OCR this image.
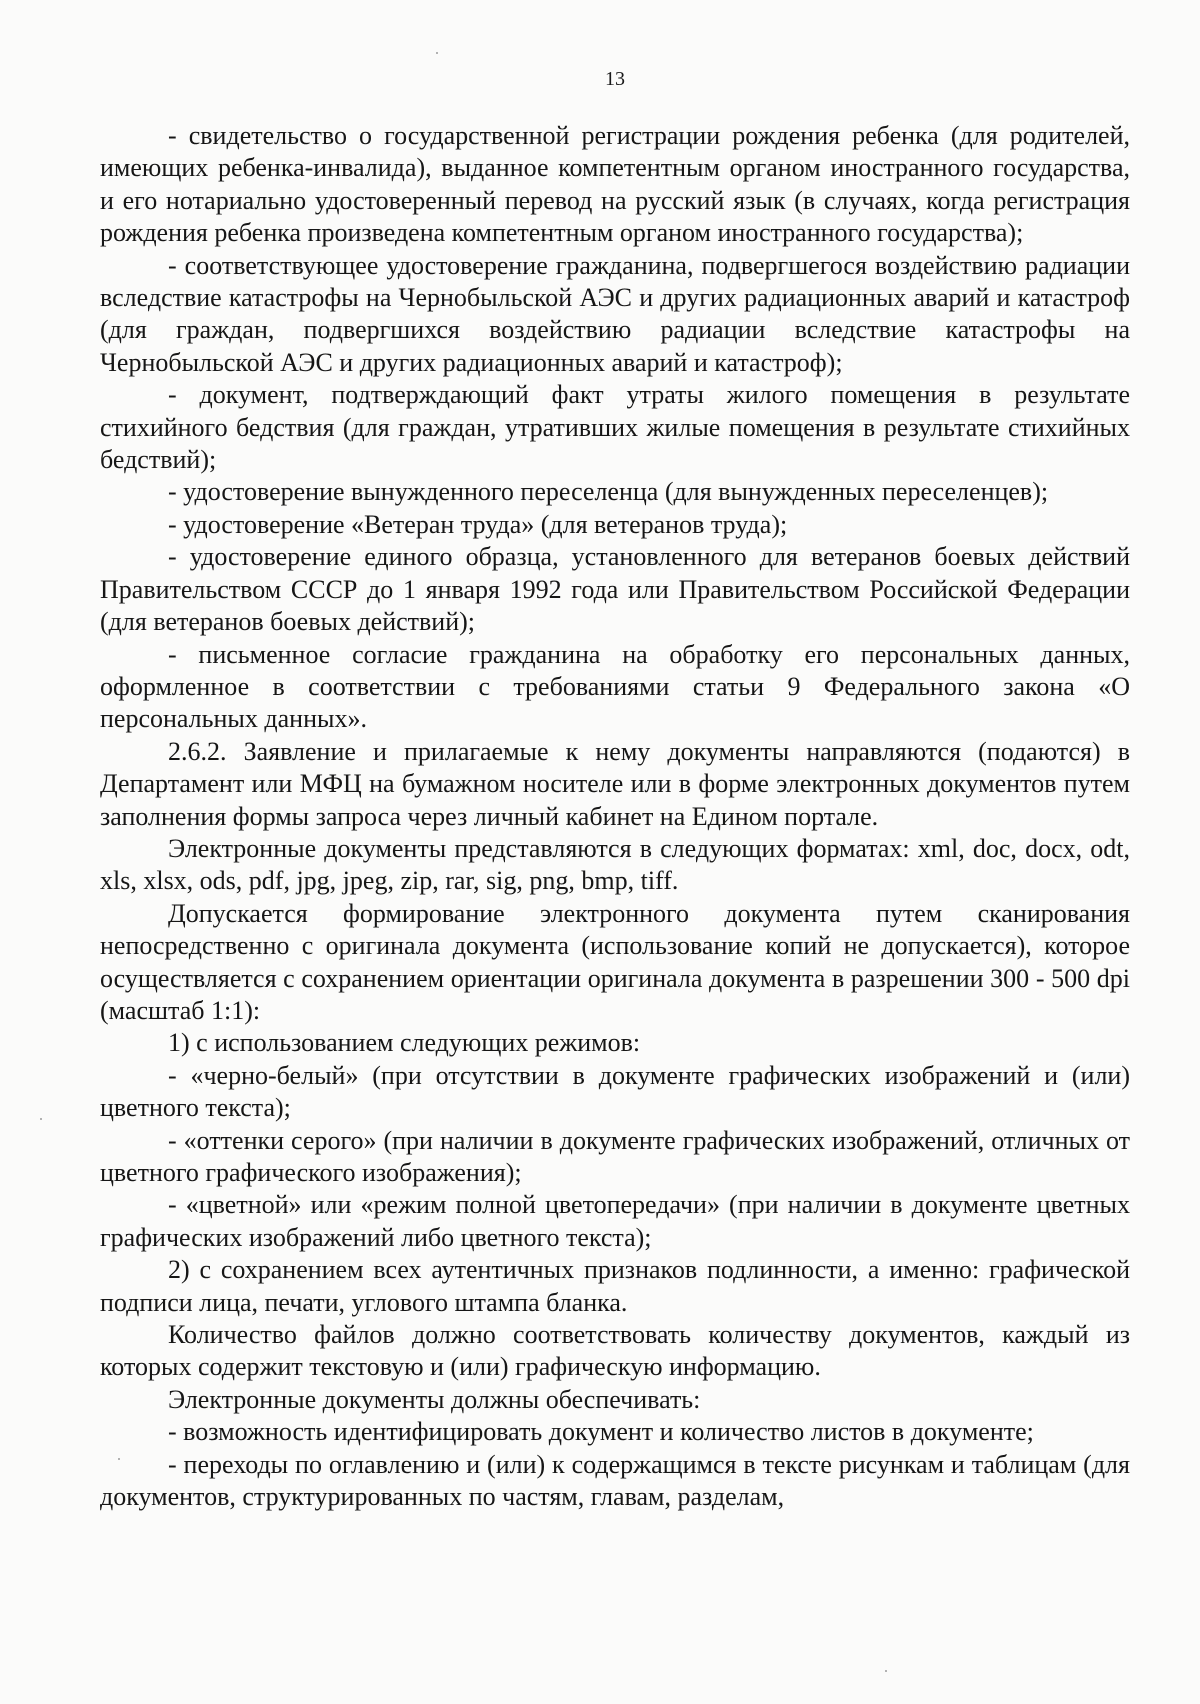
13

- свидетельство о государственной регистрации рождения ребенка (для родителей, имеющих ребенка-инвалида), выданное компетентным органом иностранного государства, и его нотариально удостоверенный перевод на русский язык (в случаях, когда регистрация рождения ребенка произведена компетентным органом иностранного государства);

- соответствующее удостоверение гражданина, подвергшегося воздействию радиации вследствие катастрофы на Чернобыльской АЭС и других радиационных аварий и катастроф (для граждан, подвергшихся воздействию радиации вследствие катастрофы на Чернобыльской АЭС и других радиационных аварий и катастроф);

- документ, подтверждающий факт утраты жилого помещения в результате стихийного бедствия (для граждан, утративших жилые помещения в результате стихийных бедствий);

- удостоверение вынужденного переселенца (для вынужденных переселенцев);

- удостоверение «Ветеран труда» (для ветеранов труда);

- удостоверение единого образца, установленного для ветеранов боевых действий Правительством СССР до 1 января 1992 года или Правительством Российской Федерации (для ветеранов боевых действий);

- письменное согласие гражданина на обработку его персональных данных, оформленное в соответствии с требованиями статьи 9 Федерального закона «О персональных данных».

2.6.2. Заявление и прилагаемые к нему документы направляются (подаются) в Департамент или МФЦ на бумажном носителе или в форме электронных документов путем заполнения формы запроса через личный кабинет на Едином портале.

Электронные документы представляются в следующих форматах: xml, doc, docx, odt, xls, xlsx, ods, pdf, jpg, jpeg, zip, rar, sig, png, bmp, tiff.

Допускается формирование электронного документа путем сканирования непосредственно с оригинала документа (использование копий не допускается), которое осуществляется с сохранением ориентации оригинала документа в разрешении 300 - 500 dpi (масштаб 1:1):

1) с использованием следующих режимов:

- «черно-белый» (при отсутствии в документе графических изображений и (или) цветного текста);

- «оттенки серого» (при наличии в документе графических изображений, отличных от цветного графического изображения);

- «цветной» или «режим полной цветопередачи» (при наличии в документе цветных графических изображений либо цветного текста);

2) с сохранением всех аутентичных признаков подлинности, а именно: графической подписи лица, печати, углового штампа бланка.

Количество файлов должно соответствовать количеству документов, каждый из которых содержит текстовую и (или) графическую информацию.

Электронные документы должны обеспечивать:

- возможность идентифицировать документ и количество листов в документе;

- переходы по оглавлению и (или) к содержащимся в тексте рисункам и таблицам (для документов, структурированных по частям, главам, разделам,
